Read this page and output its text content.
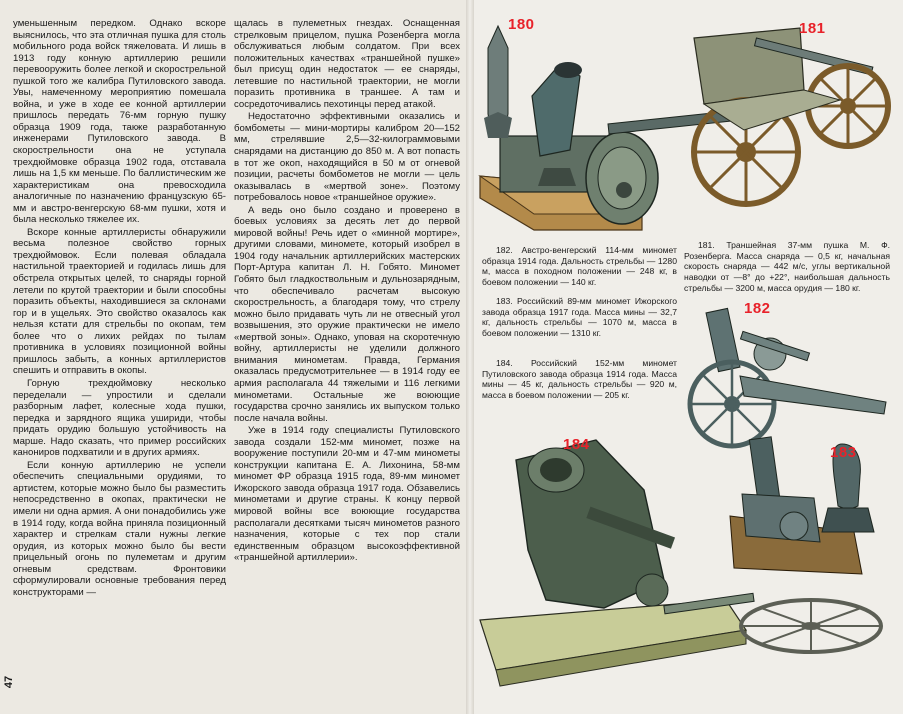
уменьшенным передком. Однако вскоре выяснилось, что эта отличная пушка для столь мобильного рода войск тяжеловата. И лишь в 1913 году конную артиллерию решили перевооружить более легкой и скорострельной пушкой того же калибра Путиловского завода. Увы, намеченному мероприятию помешала война, и уже в ходе ее конной артиллерии пришлось передать 76-мм горную пушку образца 1909 года, также разработанную инженерами Путиловского завода. В скорострельности она не уступала трехдюймовке образца 1902 года, отставала лишь на 1,5 км меньше. По баллистическим же характеристикам она превосходила аналогичные по назначению французскую 65-мм и австро-венгерскую 68-мм пушки, хотя и была несколько тяжелее их.

Вскоре конные артиллеристы обнаружили весьма полезное свойство горных трехдюймовок. Если полевая обладала настильной траекторией и годилась лишь для обстрела открытых целей, то снаряды горной летели по крутой траектории и были способны поразить объекты, находившиеся за склонами гор и в ущельях. Это свойство оказалось как нельзя кстати для стрельбы по окопам, тем более что о лихих рейдах по тылам противника в условиях позиционной войны пришлось забыть, а конных артиллеристов спешить и отправить в окопы.

Горную трехдюймовку несколько переделали — упростили и сделали разборным лафет, колесные хода пушки, передка и зарядного ящика ушириди, чтобы придать орудию большую устойчивость на марше. Надо сказать, что пример российских канониров подхватили и в других армиях.

Если конную артиллерию не успели обеспечить специальными орудиями, то артистем, которые можно было бы разместить непосредственно в окопах, практически не имели ни одна армия. А они понадобились уже в 1914 году, когда война приняла позиционный характер и стрелкам стали нужны легкие орудия, из которых можно было бы вести прицельный огонь по пулеметам и другим огневым средствам. Фронтовики сформулировали основные требования перед конструкторами —

щалась в пулеметных гнездах. Оснащенная стрелковым прицелом, пушка Розенберга могла обслуживаться любым солдатом. При всех положительных качествах «траншейной пушке» был присущ один недостаток — ее снаряды, летевшие по настильной траектории, не могли поразить противника в траншее. А там и сосредоточивались пехотинцы перед атакой.

Недостаточно эффективными оказались и бомбометы — мини-мортиры калибром 20—152 мм, стрелявшие 2,5—32-килограммовыми снарядами на дистанцию до 850 м. А вот попасть в тот же окоп, находящийся в 50 м от огневой позиции, расчеты бомбометов не могли — цель оказывалась в «мертвой зоне». Поэтому потребовалось новое «траншейное оружие».

А ведь оно было создано и проверено в боевых условиях за десять лет до первой мировой войны! Речь идет о «минной мортире», другими словами, миномете, который изобрел в 1904 году начальник артиллерийских мастерских Порт-Артура капитан Л. Н. Гобято. Миномет Гобято был гладкоствольным и дульнозарядным, что обеспечивало расчетам высокую скорострельность, а благодаря тому, что стрелу можно было придавать чуть ли не отвесный угол возвышения, это оружие практически не имело «мертвой зоны». Однако, уповая на скоротечную войну, артиллеристы не уделили должного внимания минометам. Правда, Германия оказалась предусмотрительнее — в 1914 году ее армия располагала 44 тяжелыми и 116 легкими минометами. Остальные же воюющие государства срочно занялись их выпуском только после начала войны.

Уже в 1914 году специалисты Путиловского завода создали 152-мм миномет, позже на вооружение поступили 20-мм и 47-мм минометы конструкции капитана Е. А. Лихонина, 58-мм миномет ФР образца 1915 года, 89-мм миномет Ижорского завода образца 1917 года. Обзавелись минометами и другие страны. К концу первой мировой войны все воюющие государства располагали десятками тысяч минометов разного назначения, которые с тех пор стали единственным образцом высокоэффективной «траншейной артиллерии».

47
180	181

182. Австро-венгерский 114-мм миномет образца 1914 года. Дальность стрельбы — 1280 м, масса в походном положении — 248 кг, в боевом положении — 140 кг.

181. Траншейная 37-мм пушка М. Ф. Розенберга. Масса снаряда — 0,5 кг, начальная скорость снаряда — 442 м/с, углы вертикальной наводки от —8° до +22°, наибольшая дальность стрельбы — 3200 м, масса орудия — 180 кг.

183. Российский 89-мм миномет Ижорского завода образца 1917 года. Масса мины — 32,7 кг, дальность стрельбы — 1070 м, масса в боевом положении — 1310 кг.

184. Российский 152-мм миномет Путиловского завода образца 1914 года. Масса мины — 45 кг, дальность стрельбы — 920 м, масса в боевом положении — 205 кг.

182
184	183
